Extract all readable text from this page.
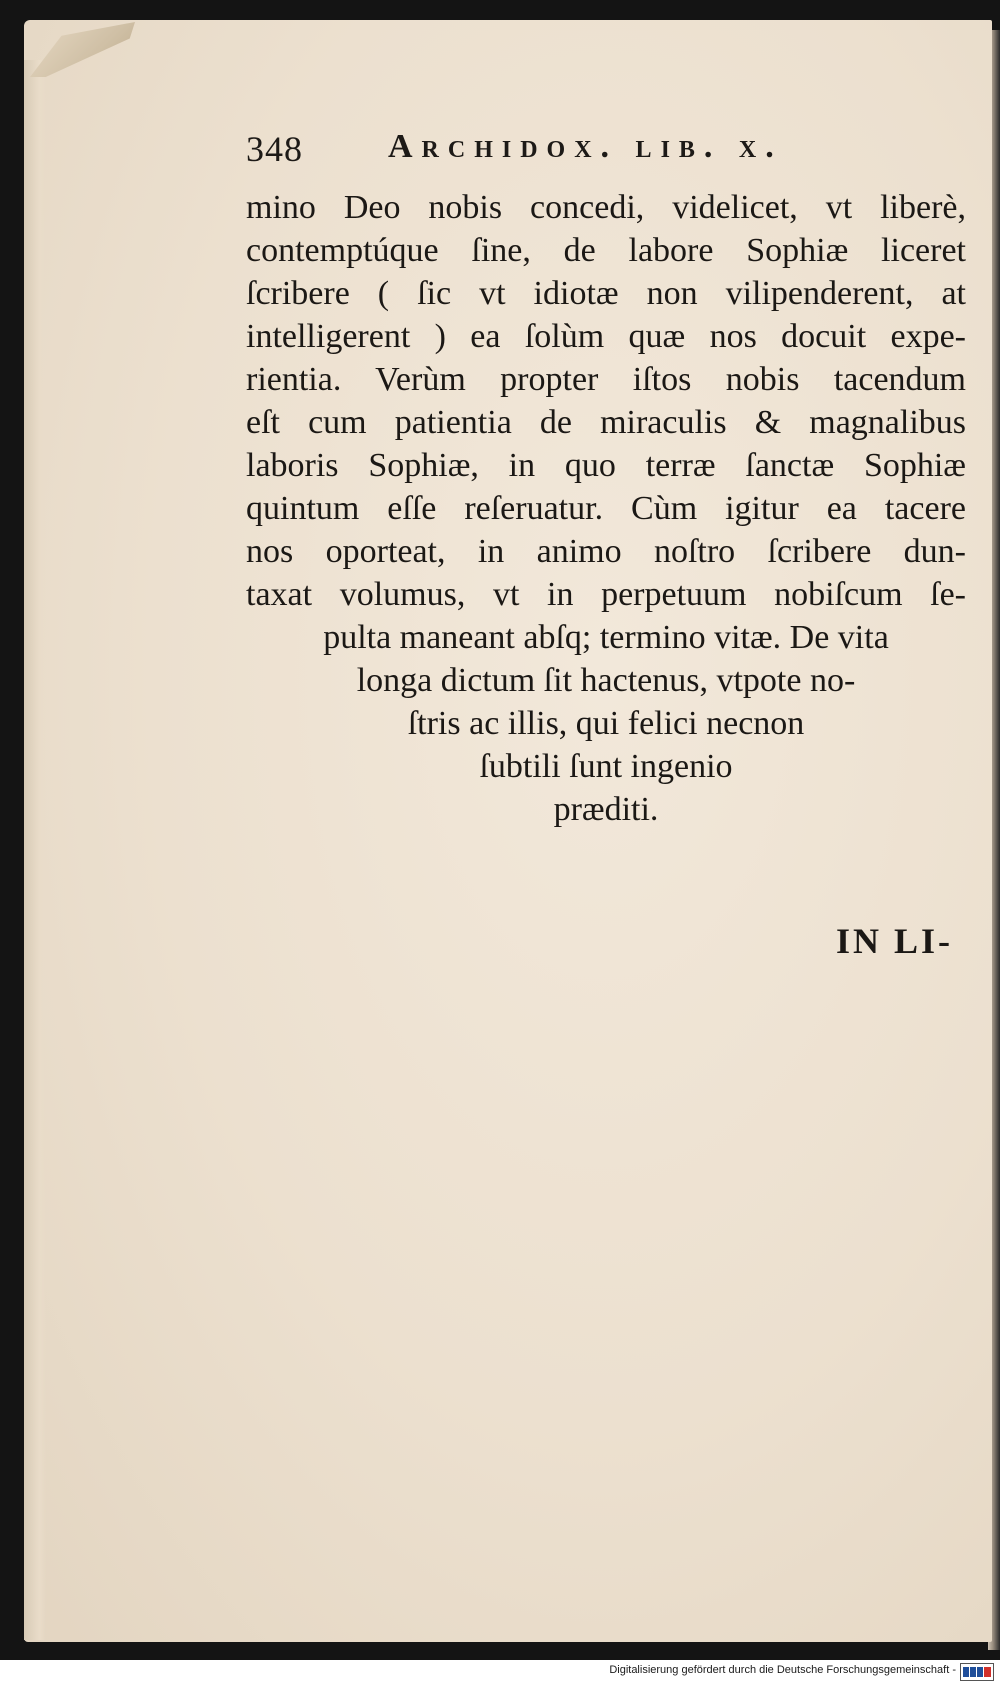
348	Archidox. lib. x.
mino Deo nobis concedi, videlicet, vt liberè,
contemptúque ſine, de labore Sophiæ liceret
ſcribere ( ſic vt idiotæ non vilipenderent, at
intelligerent ) ea ſolùm quæ nos docuit expe-
rientia. Verùm propter iſtos nobis tacendum
eſt cum patientia de miraculis & magnalibus
laboris Sophiæ, in quo terræ ſanctæ Sophiæ
quintum eſſe reſeruatur. Cùm igitur ea tacere
nos oporteat, in animo noſtro ſcribere dun-
taxat volumus, vt in perpetuum nobiſcum ſe-
pulta maneant abſq; termino vitæ. De vita
longa dictum ſit hactenus, vtpote no-
ſtris ac illis, qui felici necnon
ſubtili ſunt ingenio
præditi.
IN LI-
Digitalisierung gefördert durch die Deutsche Forschungsgemeinschaft -
